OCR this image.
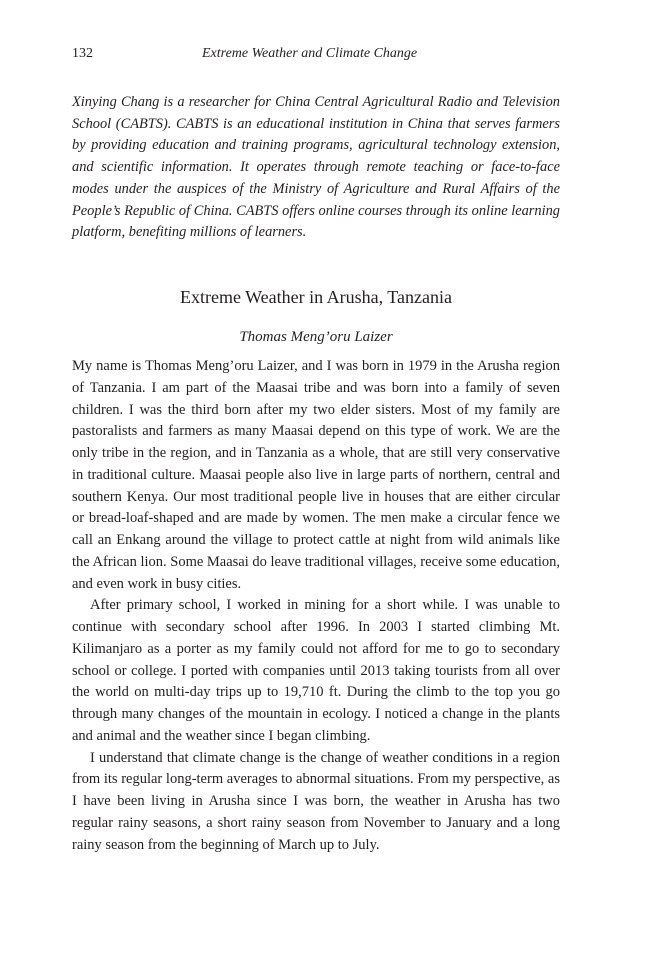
132	Extreme Weather and Climate Change

Xinying Chang is a researcher for China Central Agricultural Radio and Television School (CABTS). CABTS is an educational institution in China that serves farmers by providing education and training programs, agricultural technology extension, and scientific information. It operates through remote teaching or face-to-face modes under the auspices of the Ministry of Agriculture and Rural Affairs of the People’s Republic of China. CABTS offers online courses through its online learning platform, benefiting millions of learners.

Extreme Weather in Arusha, Tanzania

Thomas Meng’oru Laizer

My name is Thomas Meng’oru Laizer, and I was born in 1979 in the Arusha region of Tanzania. I am part of the Maasai tribe and was born into a family of seven children. I was the third born after my two elder sisters. Most of my family are pastoralists and farmers as many Maasai depend on this type of work. We are the only tribe in the region, and in Tanzania as a whole, that are still very conservative in traditional culture. Maasai people also live in large parts of northern, central and southern Kenya. Our most traditional people live in houses that are either circular or bread-loaf-shaped and are made by women. The men make a circular fence we call an Enkang around the village to protect cattle at night from wild animals like the African lion. Some Maasai do leave traditional villages, receive some education, and even work in busy cities.

After primary school, I worked in mining for a short while. I was unable to continue with secondary school after 1996. In 2003 I started climbing Mt. Kilimanjaro as a porter as my family could not afford for me to go to secondary school or college. I ported with companies until 2013 taking tourists from all over the world on multi-day trips up to 19,710 ft. During the climb to the top you go through many changes of the mountain in ecology. I noticed a change in the plants and animal and the weather since I began climbing.

I understand that climate change is the change of weather conditions in a region from its regular long-term averages to abnormal situations. From my perspective, as I have been living in Arusha since I was born, the weather in Arusha has two regular rainy seasons, a short rainy season from November to January and a long rainy season from the beginning of March up to July.
